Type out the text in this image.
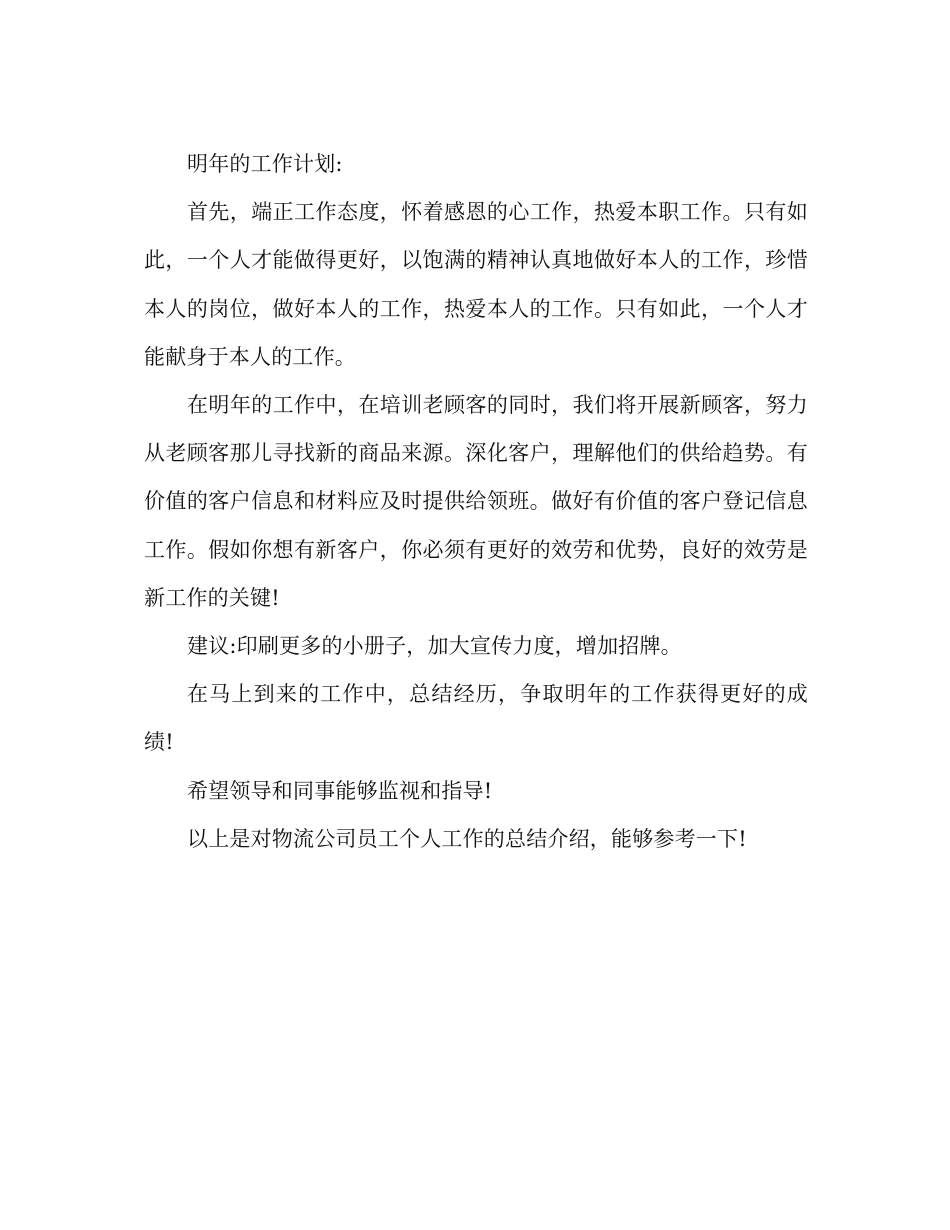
明年的工作计划:

首先，端正工作态度，怀着感恩的心工作，热爱本职工作。只有如此，一个人才能做得更好，以饱满的精神认真地做好本人的工作，珍惜本人的岗位，做好本人的工作，热爱本人的工作。只有如此，一个人才能献身于本人的工作。

在明年的工作中，在培训老顾客的同时，我们将开展新顾客，努力从老顾客那儿寻找新的商品来源。深化客户，理解他们的供给趋势。有价值的客户信息和材料应及时提供给领班。做好有价值的客户登记信息工作。假如你想有新客户，你必须有更好的效劳和优势，良好的效劳是新工作的关键!

建议:印刷更多的小册子，加大宣传力度，增加招牌。

在马上到来的工作中，总结经历，争取明年的工作获得更好的成绩!

希望领导和同事能够监视和指导!

以上是对物流公司员工个人工作的总结介绍，能够参考一下!
